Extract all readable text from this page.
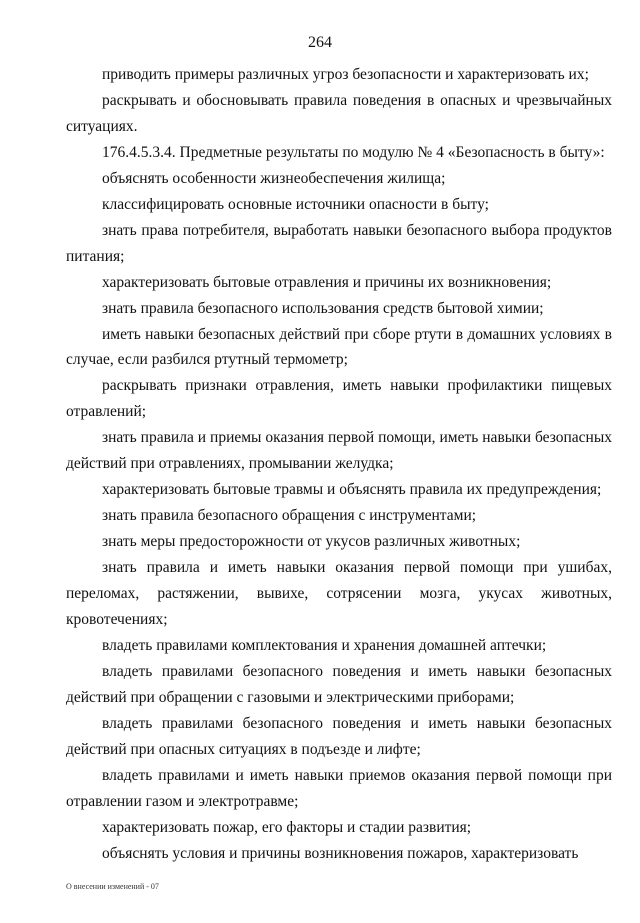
264

приводить примеры различных угроз безопасности и характеризовать их;

раскрывать и обосновывать правила поведения в опасных и чрезвычайных ситуациях.

176.4.5.3.4. Предметные результаты по модулю № 4 «Безопасность в быту»:

объяснять особенности жизнеобеспечения жилища;

классифицировать основные источники опасности в быту;

знать права потребителя, выработать навыки безопасного выбора продуктов питания;

характеризовать бытовые отравления и причины их возникновения;

знать правила безопасного использования средств бытовой химии;

иметь навыки безопасных действий при сборе ртути в домашних условиях в случае, если разбился ртутный термометр;

раскрывать признаки отравления, иметь навыки профилактики пищевых отравлений;

знать правила и приемы оказания первой помощи, иметь навыки безопасных действий при отравлениях, промывании желудка;

характеризовать бытовые травмы и объяснять правила их предупреждения;

знать правила безопасного обращения с инструментами;

знать меры предосторожности от укусов различных животных;

знать правила и иметь навыки оказания первой помощи при ушибах, переломах, растяжении, вывихе, сотрясении мозга, укусах животных, кровотечениях;

владеть правилами комплектования и хранения домашней аптечки;

владеть правилами безопасного поведения и иметь навыки безопасных действий при обращении с газовыми и электрическими приборами;

владеть правилами безопасного поведения и иметь навыки безопасных действий при опасных ситуациях в подъезде и лифте;

владеть правилами и иметь навыки приемов оказания первой помощи при отравлении газом и электротравме;

характеризовать пожар, его факторы и стадии развития;

объяснять условия и причины возникновения пожаров, характеризовать

О внесении изменений - 07
